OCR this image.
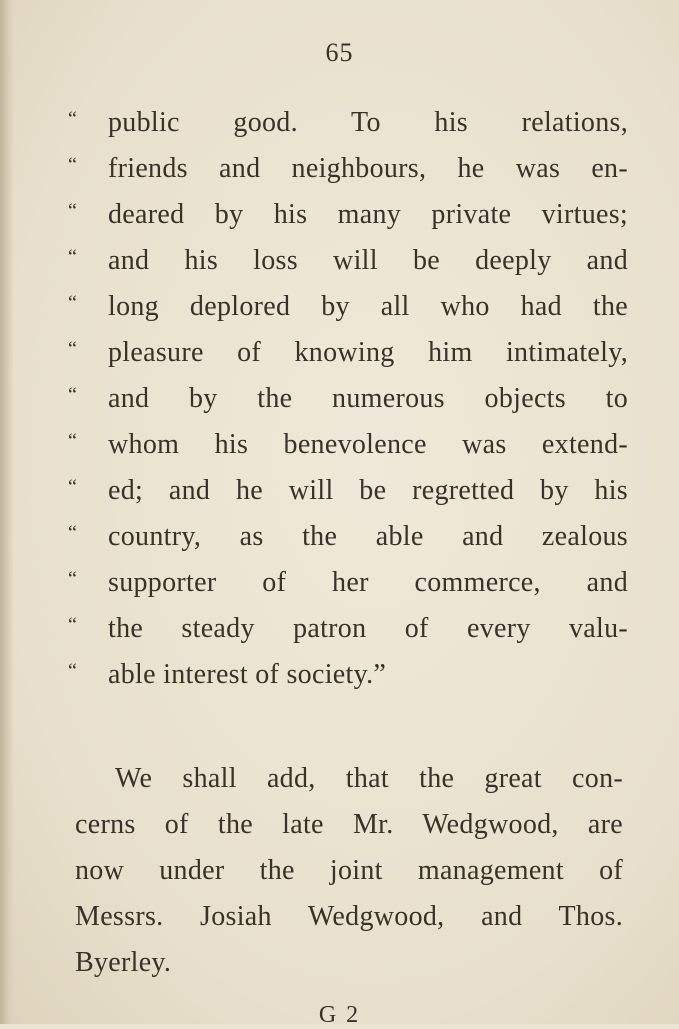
65
“	public good. To his relations,
“	friends and neighbours, he was en-
“	deared by his many private virtues;
“	and his loss will be deeply and
“	long deplored by all who had the
“	pleasure of knowing him intimately,
“	and by the numerous objects to
“	whom his benevolence was extend-
“	ed; and he will be regretted by his
“	country, as the able and zealous
“	supporter of her commerce, and
“	the steady patron of every valu-
“	able interest of society.”
We shall add, that the great con-
cerns of the late Mr. Wedgwood, are
now under the joint management of
Messrs. Josiah Wedgwood, and Thos.
Byerley.
G 2
